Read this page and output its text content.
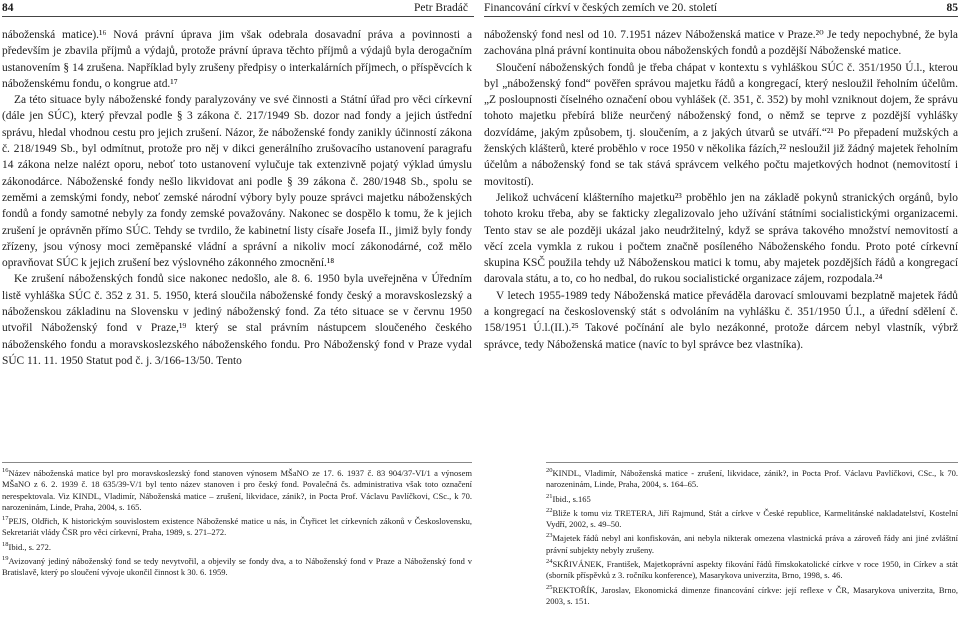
84	Petr Bradáč Financování církví v českých zemích ve 20. století	85

náboženská matice).¹⁶ Nová právní úprava jim však odebrala dosavadní práva a povinnosti a především je zbavila příjmů a výdajů, protože právní úprava těchto příjmů a výdajů byla derogačním ustanovením § 14 zrušena. Například byly zrušeny předpisy o interkalárních příjmech, o příspěvcích k náboženskému fondu, o kongrue atd.¹⁷

Za této situace byly náboženské fondy paralyzovány ve své činnosti a Státní úřad pro věci církevní (dále jen SÚC), který převzal podle § 3 zákona č. 217/1949 Sb. dozor nad fondy a jejich ústřední správu, hledal vhodnou cestu pro jejich zrušení. Názor, že náboženské fondy zanikly účinností zákona č. 218/1949 Sb., byl odmítnut, protože pro něj v dikci generálního zrušovacího ustanovení paragrafu 14 zákona nelze nalézt oporu, neboť toto ustanovení vylučuje tak extenzivně pojatý výklad úmyslu zákonodárce. Náboženské fondy nešlo likvidovat ani podle § 39 zákona č. 280/1948 Sb., spolu se zeměmi a zemskými fondy, neboť zemské národní výbory byly pouze správci majetku náboženských fondů a fondy samotné nebyly za fondy zemské považovány. Nakonec se dospělo k tomu, že k jejich zrušení je oprávněn přímo SÚC. Tehdy se tvrdilo, že kabinetní listy císaře Josefa II., jimiž byly fondy zřízeny, jsou výnosy moci zeměpanské vládní a správní a nikoliv mocí zákonodárné, což mělo opravňovat SÚC k jejich zrušení bez výslovného zákonného zmocnění.¹⁸

Ke zrušení náboženských fondů sice nakonec nedošlo, ale 8. 6. 1950 byla uveřejněna v Úředním listě vyhláška SÚC č. 352 z 31. 5. 1950, která sloučila náboženské fondy český a moravskoslezský a náboženskou základinu na Slovensku v jediný náboženský fond. Za této situace se v červnu 1950 utvořil Náboženský fond v Praze,¹⁹ který se stal právním nástupcem sloučeného českého náboženského fondu a moravskoslezského náboženského fondu. Pro Náboženský fond v Praze vydal SÚC 11. 11. 1950 Statut pod č. j. 3/166-13/50. Tento

náboženský fond nesl od 10. 7.1951 název Náboženská matice v Praze.²⁰ Je tedy nepochybné, že byla zachována plná právní kontinuita obou náboženských fondů a pozdější Náboženské matice.

Sloučení náboženských fondů je třeba chápat v kontextu s vyhláškou SÚC č. 351/1950 Ú.l., kterou byl „náboženský fond“ pověřen správou majetku řádů a kongregací, který nesloužil řeholním účelům. „Z posloupnosti číselného označení obou vyhlášek (č. 351, č. 352) by mohl vzniknout dojem, že správu tohoto majetku přebírá bliže neurčený náboženský fond, o němž se teprve z pozdější vyhlášky dozvídáme, jakým způsobem, tj. sloučením, a z jakých útvarů se utváří.“²¹ Po přepadení mužských a ženských klášterů, které proběhlo v roce 1950 v několika fázích,²² nesloužil již žádný majetek řeholním účelům a náboženský fond se tak stává správcem velkého počtu majetkových hodnot (nemovitostí i movitostí).

Jelikož uchvácení klášterního majetku²³ proběhlo jen na základě pokynů stranických orgánů, bylo tohoto kroku třeba, aby se fakticky zlegalizovalo jeho užívání státními socialistickými organizacemi. Tento stav se ale později ukázal jako neudržitelný, když se správa takového množství nemovitostí a věcí zcela vymkla z rukou i počtem značně posíleného Náboženského fondu. Proto poté církevní skupina KSČ použila tehdy už Náboženskou matici k tomu, aby majetek pozdějších řádů a kongregací darovala státu, a to, co ho nedbal, do rukou socialistické organizace zájem, rozpodala.²⁴

V letech 1955-1989 tedy Náboženská matice převáděla darovací smlouvami bezplatně majetek řádů a kongregací na československý stát s odvoláním na vyhlášku č. 351/1950 Ú.l., a úřední sdělení č. 158/1951 Ú.l.(II.).²⁵ Takové počínání ale bylo nezákonné, protože dárcem nebyl vlastník, výbrž správce, tedy Náboženská matice (navíc to byl správce bez vlastníka).

$^{16}$Název náboženská matice byl pro moravskoslezský fond stanoven výnosem MŠaNO ze 17. 6. 1937 č. 83 904/37-VI/1 a výnosem MŠaNO z 6. 2. 1939 č. 18 635/39-V/1 byl tento název stanoven i pro český fond. Povalečná čs. administrativa však toto označení nerespektovala. Viz KINDL, Vladimír, Náboženská matice – zrušení, likvidace, zánik?, in Pocta Prof. Václavu Pavlíčkovi, CSc., k 70. narozeninám, Linde, Praha, 2004, s. 165.

$^{17}$PEJS, Oldřich, K historickým souvislostem existence Náboženské matice u nás, in Čtyřicet let církevních zákonů v Československu, Sekretariát vlády ČSR pro věci církevní, Praha, 1989, s. 271–272.

$^{18}$Ibid., s. 272.

$^{19}$Avizovaný jediný náboženský fond se tedy nevytvořil, a objevily se fondy dva, a to Náboženský fond v Praze a Náboženský fond v Bratislavě, který po sloučení vývoje ukončil činnost k 30. 6. 1959.

$^{20}$KINDL, Vladimír, Náboženská matice - zrušení, likvidace, zánik?, in Pocta Prof. Václavu Pavlíčkovi, CSc., k 70. narozeninám, Linde, Praha, 2004, s. 164–65.

$^{21}$Ibid., s.165

$^{22}$Bliže k tomu viz TRETERA, Jiří Rajmund, Stát a církve v České republice, Karmelitánské nakladatelství, Kostelní Vydří, 2002, s. 49–50.

$^{23}$Majetek řádů nebyl ani konfiskován, ani nebyla nikterak omezena vlastnická práva a zároveň řády ani jiné zvláštní právní subjekty nebyly zrušeny.

$^{24}$SKŘIVÁNEK, František, Majetkoprávní aspekty fikování řádů římskokatolické církve v roce 1950, in Církev a stát (sborník příspěvků z 3. ročníku konference), Masarykova univerzita, Brno, 1998, s. 46.

$^{25}$REKTOŘÍK, Jaroslav, Ekonomická dimenze financování církve: její reflexe v ČR, Masarykova univerzita, Brno, 2003, s. 151.
